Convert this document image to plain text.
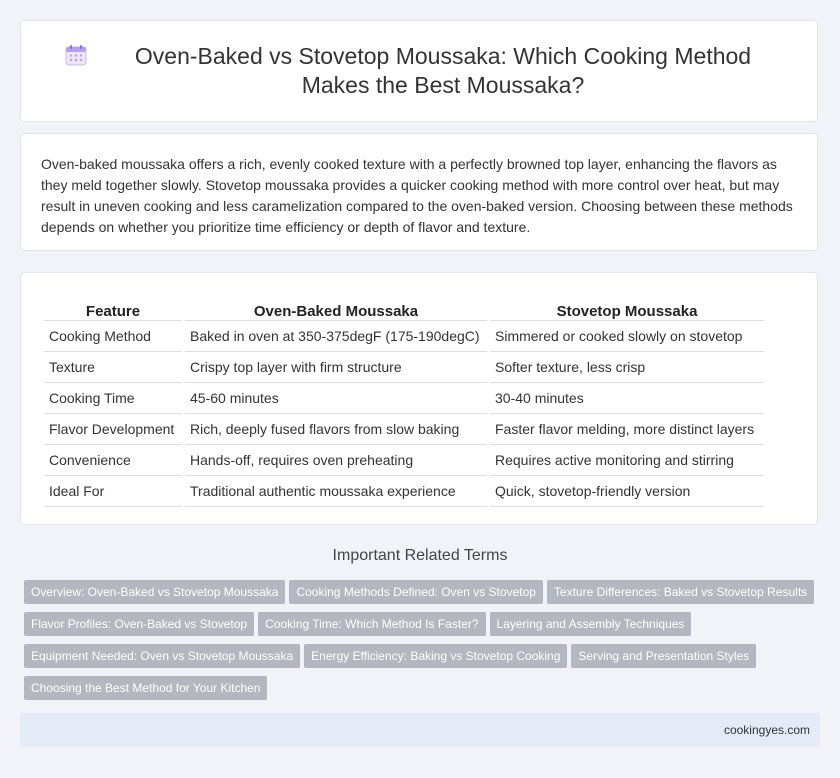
Oven-Baked vs Stovetop Moussaka: Which Cooking Method Makes the Best Moussaka?

Oven-baked moussaka offers a rich, evenly cooked texture with a perfectly browned top layer, enhancing the flavors as they meld together slowly. Stovetop moussaka provides a quicker cooking method with more control over heat, but may result in uneven cooking and less caramelization compared to the oven-baked version. Choosing between these methods depends on whether you prioritize time efficiency or depth of flavor and texture.

Feature	Oven-Baked Moussaka	Stovetop Moussaka
Cooking Method	Baked in oven at 350-375degF (175-190degC)	Simmered or cooked slowly on stovetop
Texture	Crispy top layer with firm structure	Softer texture, less crisp
Cooking Time	45-60 minutes	30-40 minutes
Flavor Development	Rich, deeply fused flavors from slow baking	Faster flavor melding, more distinct layers
Convenience	Hands-off, requires oven preheating	Requires active monitoring and stirring
Ideal For	Traditional authentic moussaka experience	Quick, stovetop-friendly version
Important Related Terms
Overview: Oven-Baked vs Stovetop Moussaka Cooking Methods Defined: Oven vs Stovetop Texture Differences: Baked vs Stovetop Results
Flavor Profiles: Oven-Baked vs Stovetop Cooking Time: Which Method Is Faster? Layering and Assembly Techniques
Equipment Needed: Oven vs Stovetop Moussaka Energy Efficiency: Baking vs Stovetop Cooking Serving and Presentation Styles
Choosing the Best Method for Your Kitchen
cookingyes.com
